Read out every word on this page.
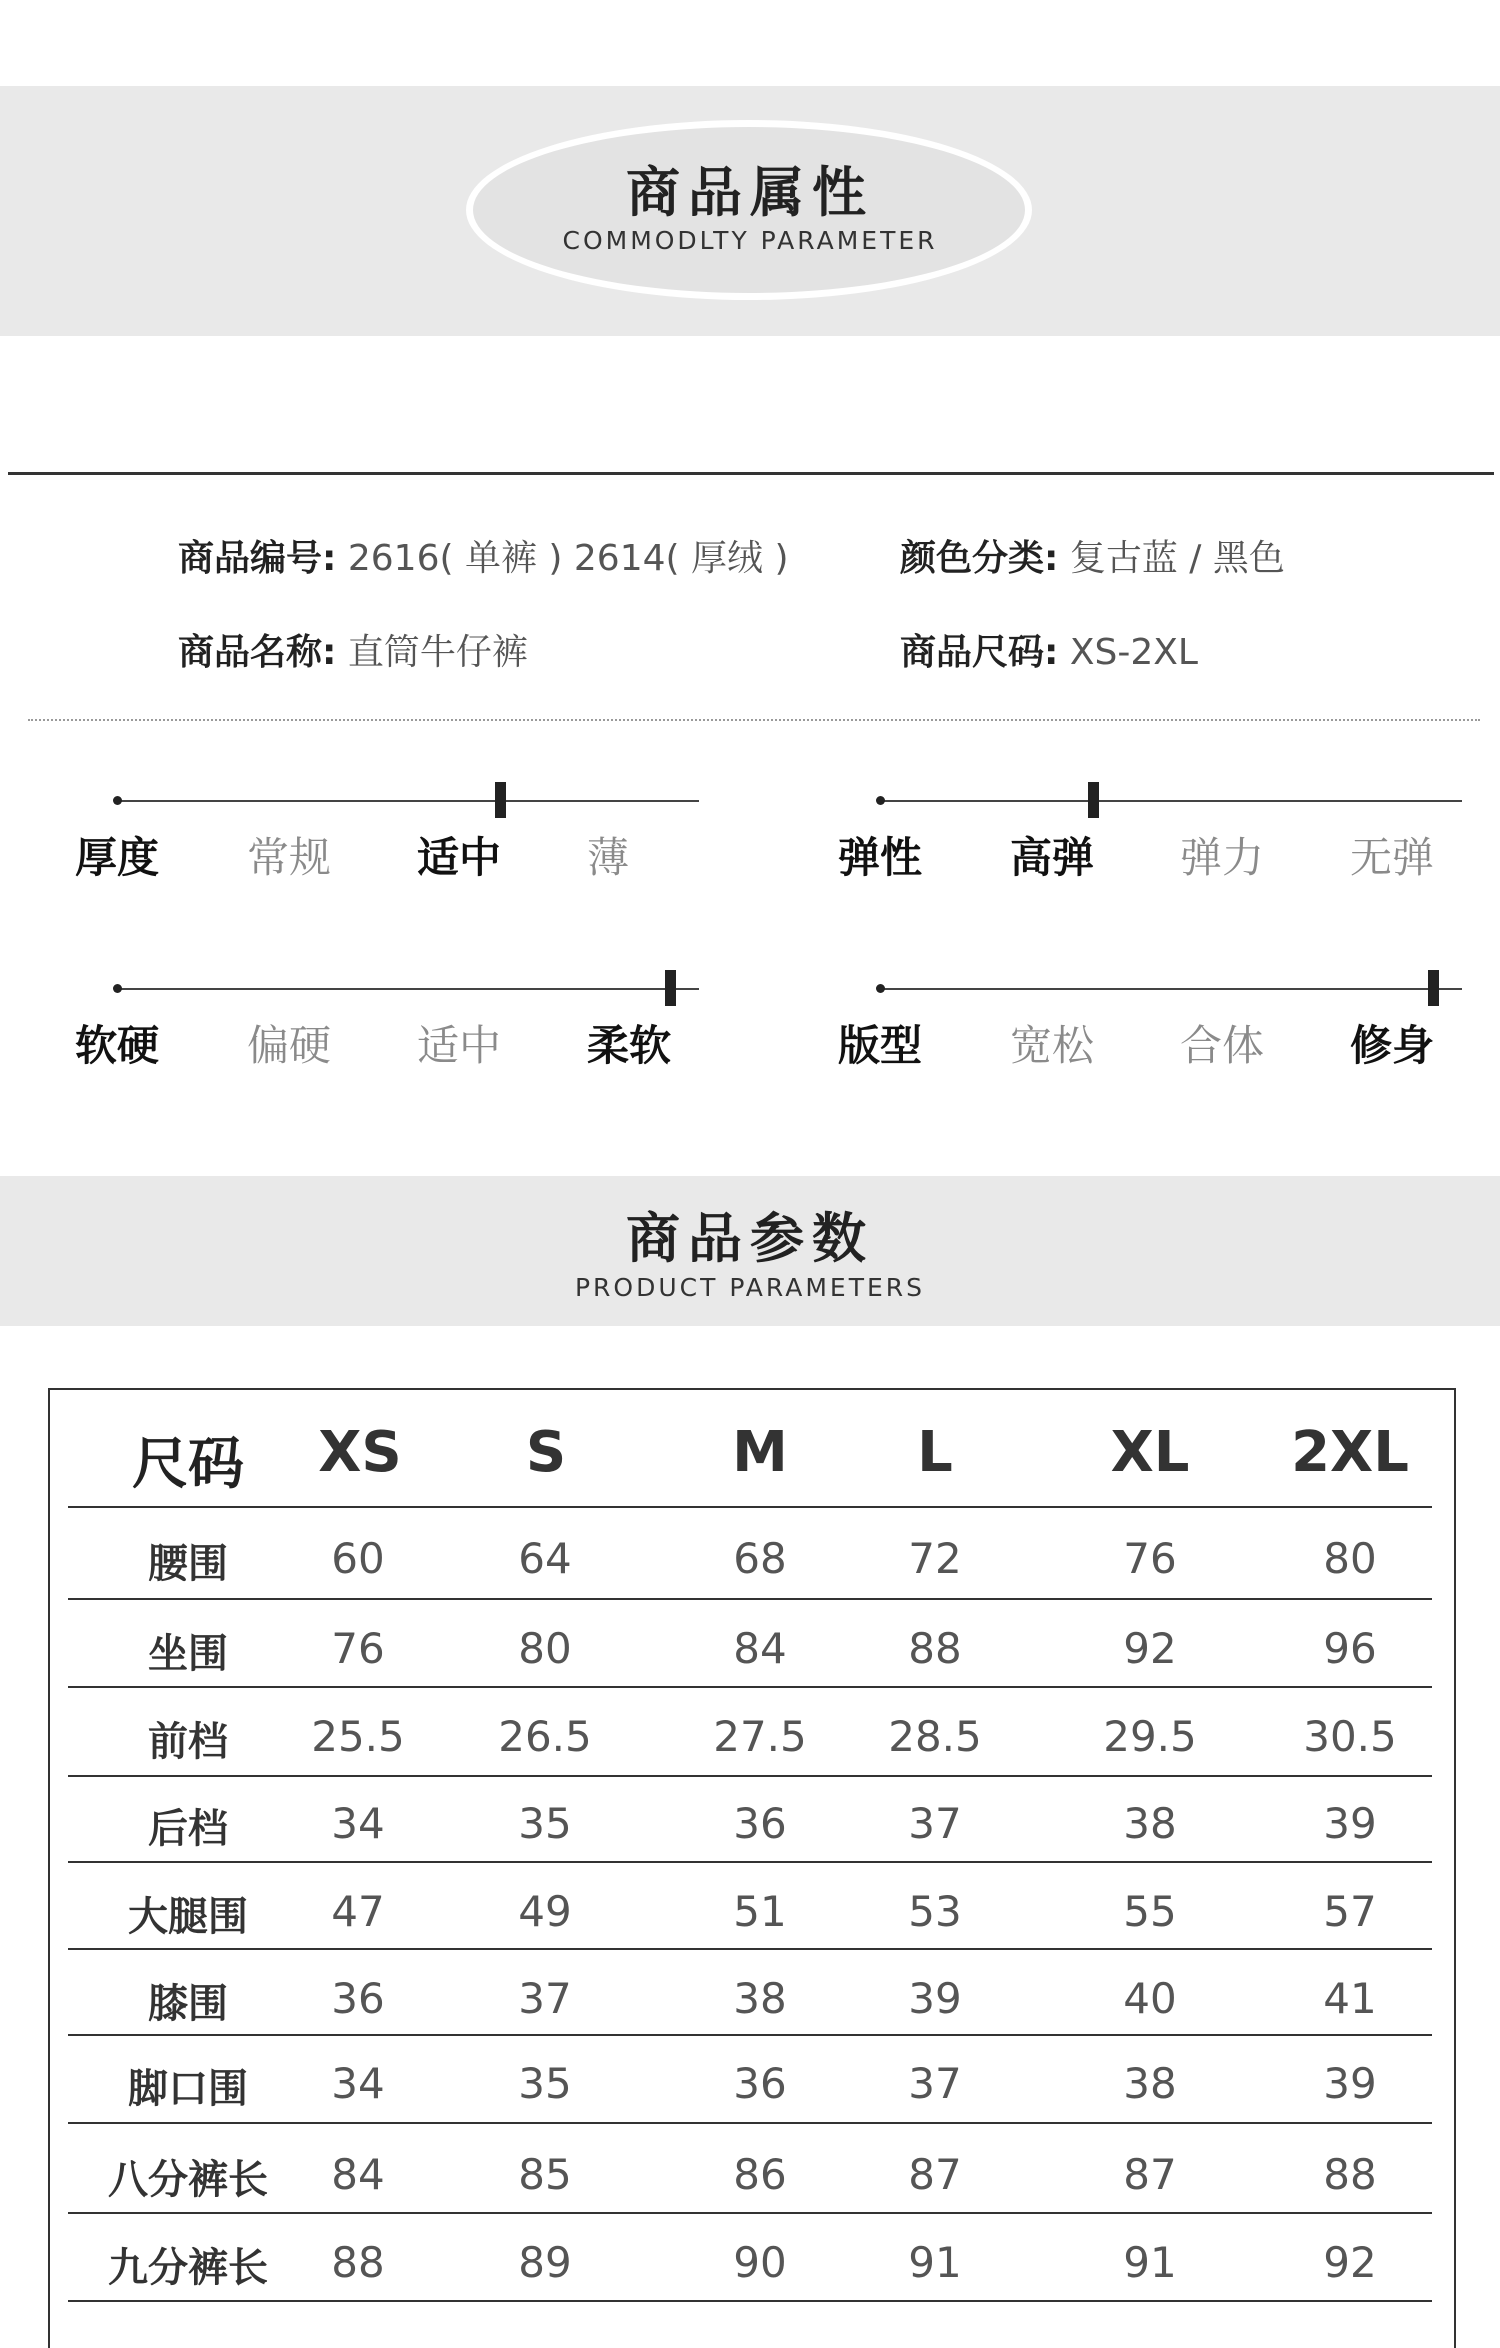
商品属性
COMMODLTY PARAMETER
商品编号: 2616( 单裤 ) 2614( 厚绒 )	颜色分类: 复古蓝 / 黑色
商品名称: 直筒牛仔裤	商品尺码: XS-2XL
厚度 常规 适中 薄	弹性 高弹 弹力 无弹
软硬 偏硬 适中 柔软	版型 宽松 合体 修身
商品参数
PRODUCT PARAMETERS
尺码	XS	S	M	L	XL	2XL
腰围	60	64	68	72	76	80
坐围	76	80	84	88	92	96
前档	25.5	26.5	27.5	28.5	29.5	30.5
后档	34	35	36	37	38	39
大腿围	47	49	51	53	55	57
膝围	36	37	38	39	40	41
脚口围	34	35	36	37	38	39
八分裤长	84	85	86	87	87	88
九分裤长	88	89	90	91	91	92
